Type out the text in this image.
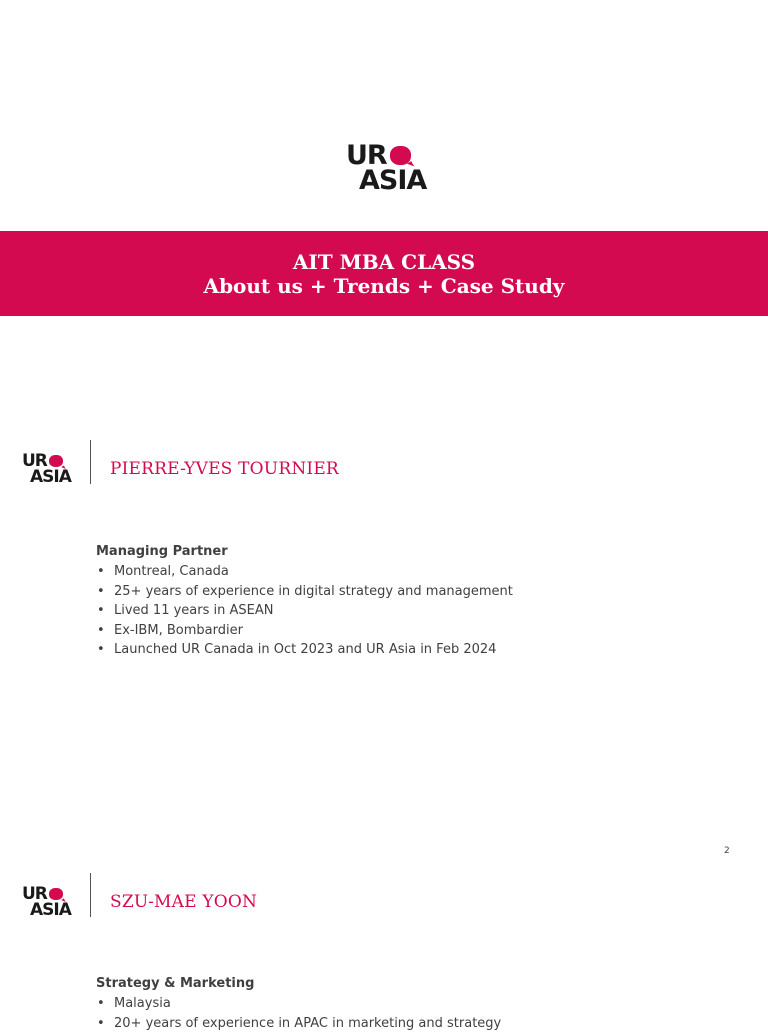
UR
ASIA
AIT MBA CLASS
About us + Trends + Case Study
UR
ASIA PIERRE-YVES TOURNIER
Managing Partner
• Montreal, Canada
• 25+ years of experience in digital strategy and management
• Lived 11 years in ASEAN
• Ex-IBM, Bombardier
• Launched UR Canada in Oct 2023 and UR Asia in Feb 2024
2
UR
ASIA SZU-MAE YOON
Strategy & Marketing
• Malaysia
• 20+ years of experience in APAC in marketing and strategy
